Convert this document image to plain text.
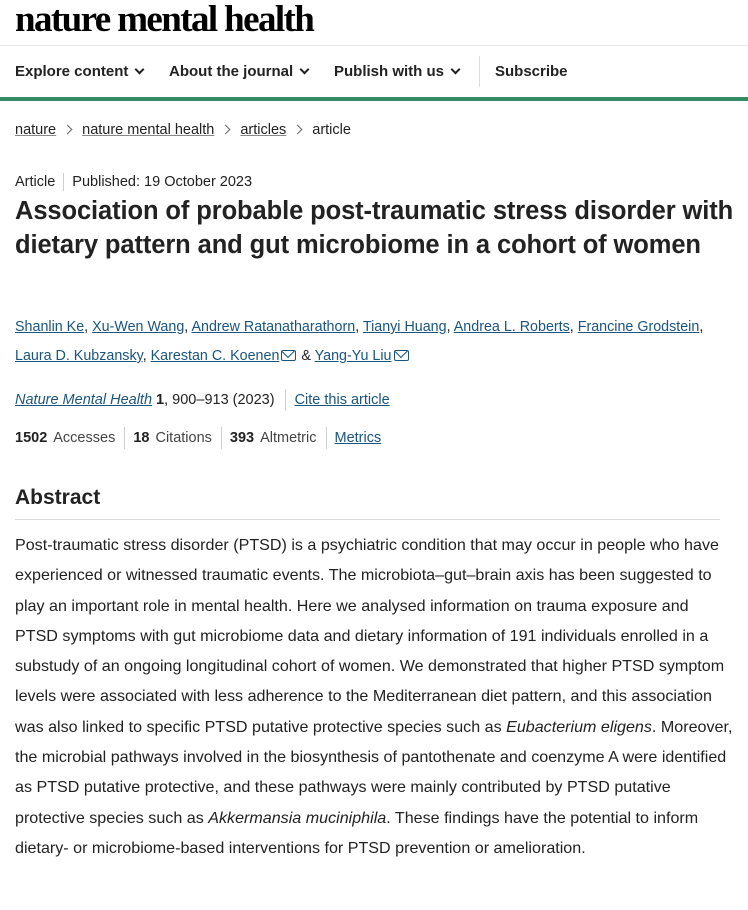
nature mental health
Explore content	About the journal	Publish with us	Subscribe
nature nature mental health articles article
Article Published: 19 October 2023
Association of probable post-traumatic stress disorder with dietary pattern and gut microbiome in a cohort of women
Shanlin Ke, Xu-Wen Wang, Andrew Ratanatharathorn, Tianyi Huang, Andrea L. Roberts, Francine Grodstein, Laura D. Kubzansky, Karestan C. Koenen & Yang-Yu Liu
Nature Mental Health 1, 900–913 (2023) Cite this article
1502 Accesses 18 Citations 393 Altmetric Metrics
Abstract

Post-traumatic stress disorder (PTSD) is a psychiatric condition that may occur in people who have experienced or witnessed traumatic events. The microbiota–gut–brain axis has been suggested to play an important role in mental health. Here we analysed information on trauma exposure and PTSD symptoms with gut microbiome data and dietary information of 191 individuals enrolled in a substudy of an ongoing longitudinal cohort of women. We demonstrated that higher PTSD symptom levels were associated with less adherence to the Mediterranean diet pattern, and this association was also linked to specific PTSD putative protective species such as Eubacterium eligens. Moreover, the microbial pathways involved in the biosynthesis of pantothenate and coenzyme A were identified as PTSD putative protective, and these pathways were mainly contributed by PTSD putative protective species such as Akkermansia muciniphila. These findings have the potential to inform dietary- or microbiome-based interventions for PTSD prevention or amelioration.
